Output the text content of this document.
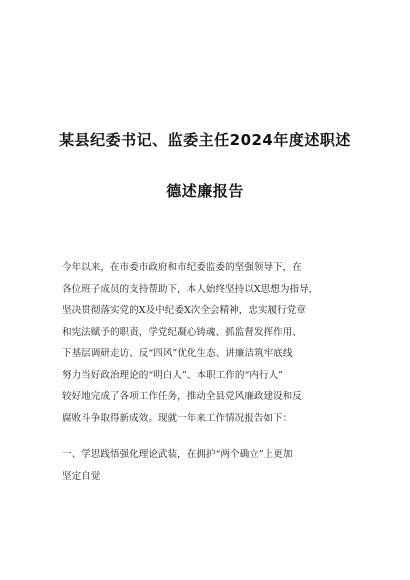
某县纪委书记、监委主任2024年度述职述
德述廉报告
今年以来，在市委市政府和市纪委监委的坚强领导下，在
各位班子成员的支持帮助下，本人始终坚持以X思想为指导，
坚决贯彻落实党的X及中纪委X次全会精神，忠实履行党章
和宪法赋予的职责，学党纪凝心铸魂、抓监督发挥作用、
下基层调研走访、反“四风”优化生态、讲廉洁筑牢底线
努力当好政治理论的“明白人”、本职工作的“内行人”
较好地完成了各项工作任务，推动全县党风廉政建设和反
腐败斗争取得新成效。现就一年来工作情况报告如下：
一、学思践悟强化理论武装，在拥护“两个确立”上更加
坚定自觉
